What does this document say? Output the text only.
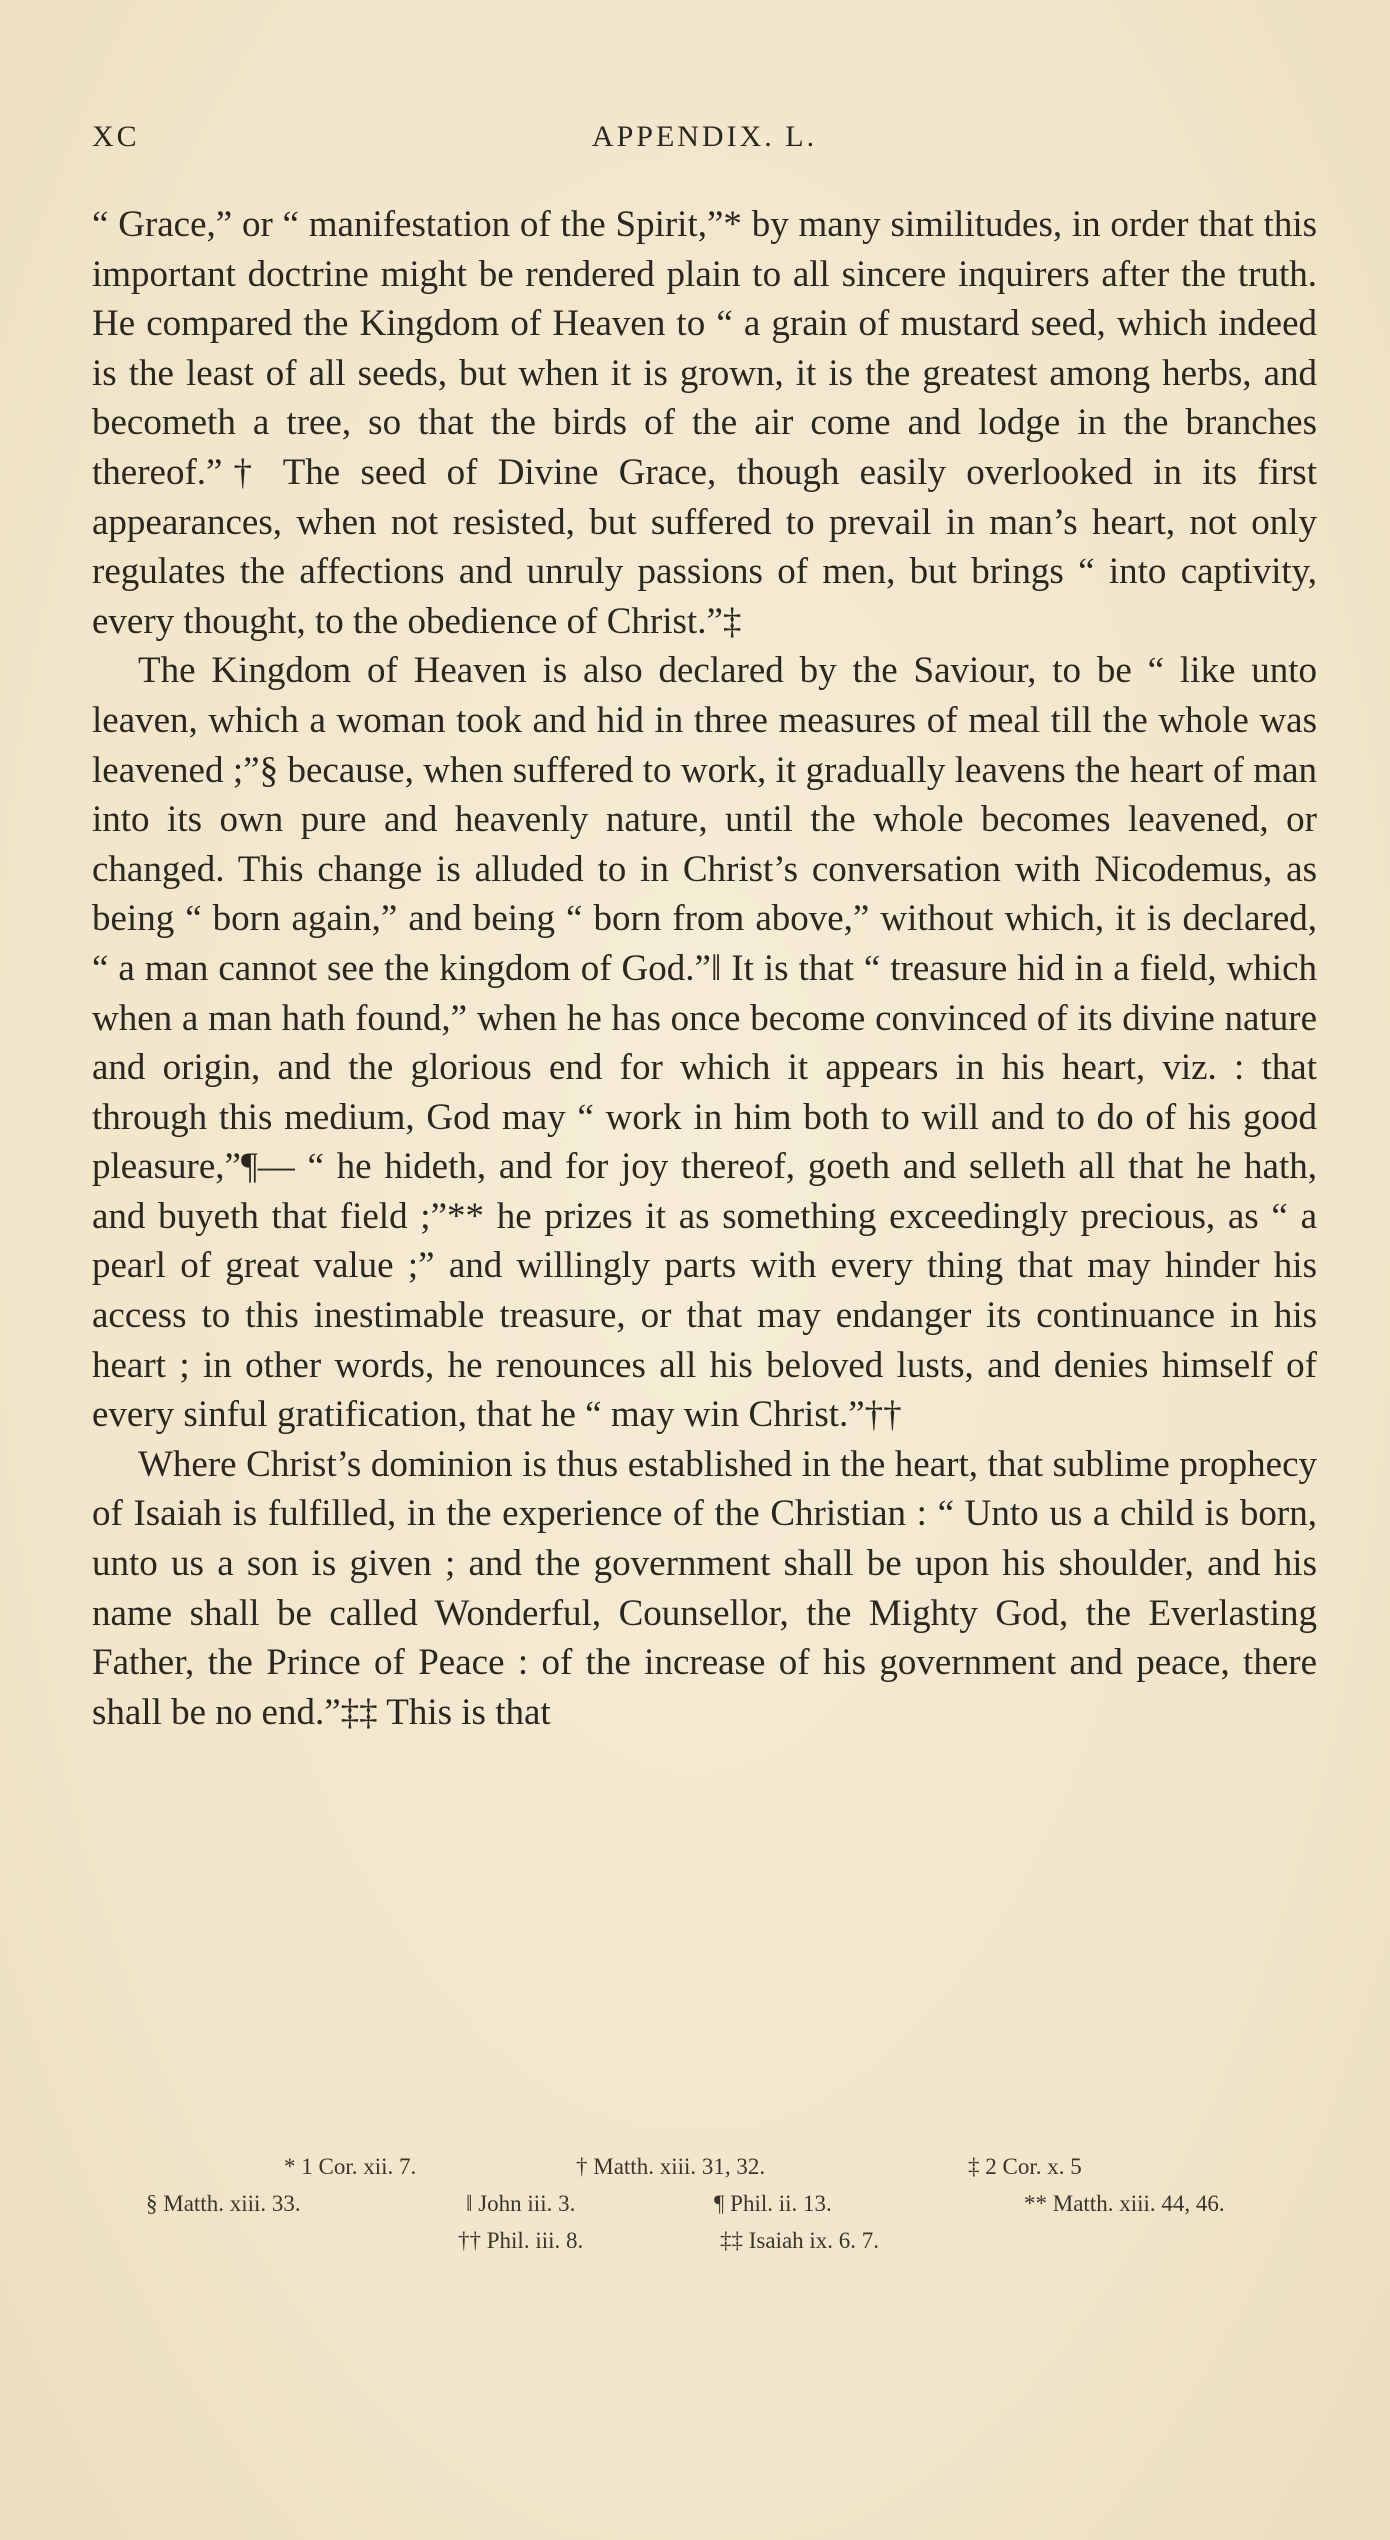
XC	APPENDIX. L.

“ Grace,” or “ manifestation of the Spirit,”* by many similitudes, in order that this important doctrine might be rendered plain to all sincere inquirers after the truth. He compared the Kingdom of Heaven to “ a grain of mustard seed, which indeed is the least of all seeds, but when it is grown, it is the greatest among herbs, and becometh a tree, so that the birds of the air come and lodge in the branches thereof.”† The seed of Divine Grace, though easily overlooked in its first appearances, when not resisted, but suffered to prevail in man’s heart, not only regulates the affections and unruly passions of men, but brings “ into captivity, every thought, to the obedience of Christ.”‡

The Kingdom of Heaven is also declared by the Saviour, to be “ like unto leaven, which a woman took and hid in three measures of meal till the whole was leavened ;”§ because, when suffered to work, it gradually leavens the heart of man into its own pure and heavenly nature, until the whole becomes leavened, or changed. This change is alluded to in Christ’s conversation with Nicodemus, as being “ born again,” and being “ born from above,” without which, it is declared, “ a man cannot see the kingdom of God.”‖ It is that “ treasure hid in a field, which when a man hath found,” when he has once become convinced of its divine nature and origin, and the glorious end for which it appears in his heart, viz. : that through this medium, God may “ work in him both to will and to do of his good pleasure,”¶— “ he hideth, and for joy thereof, goeth and selleth all that he hath, and buyeth that field ;”** he prizes it as something exceedingly precious, as “ a pearl of great value ;” and willingly parts with every thing that may hinder his access to this inestimable treasure, or that may endanger its continuance in his heart ; in other words, he renounces all his beloved lusts, and denies himself of every sinful gratification, that he “ may win Christ.”††

Where Christ’s dominion is thus established in the heart, that sublime prophecy of Isaiah is fulfilled, in the experience of the Christian : “ Unto us a child is born, unto us a son is given ; and the government shall be upon his shoulder, and his name shall be called Wonderful, Counsellor, the Mighty God, the Everlasting Father, the Prince of Peace : of the increase of his government and peace, there shall be no end.”‡‡ This is that

* 1 Cor. xii. 7.	† Matth. xiii. 31, 32.	‡ 2 Cor. x. 5
§ Matth. xiii. 33.	‖ John iii. 3.	¶ Phil. ii. 13.	** Matth. xiii. 44, 46.
†† Phil. iii. 8.	‡‡ Isaiah ix. 6. 7.
